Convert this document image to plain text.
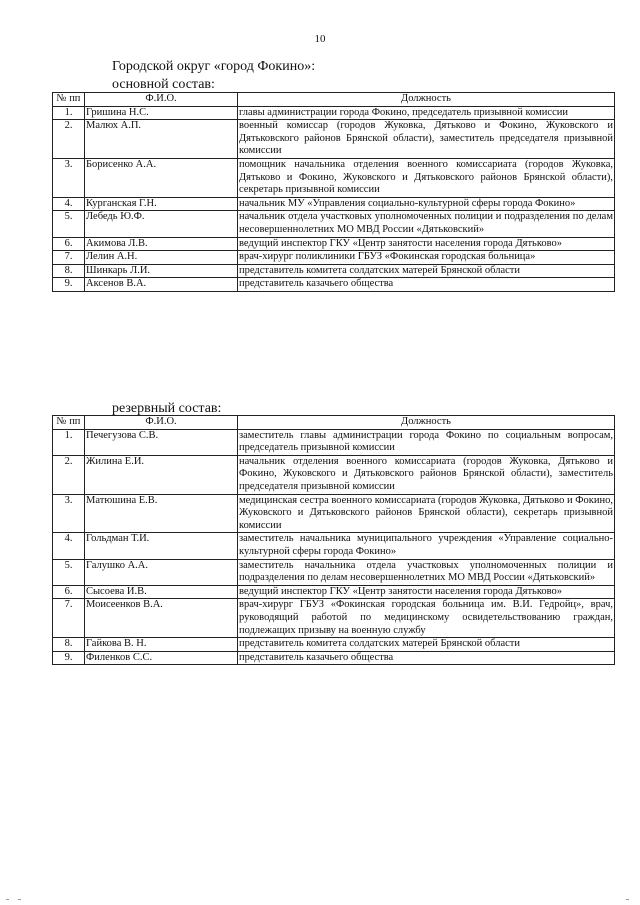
10
Городской округ «город Фокино»:
основной состав:
№ пп	Ф.И.О.	Должность
1.	Гришина Н.С.	главы администрации города Фокино, председатель призывной комиссии
2.	Малюх А.П.	военный комиссар (городов Жуковка, Дятьково и Фокино, Жуковского и Дятьковского районов Брянской области), заместитель председателя призывной комиссии
3.	Борисенко А.А.	помощник начальника отделения военного комиссариата (городов Жуковка, Дятьково и Фокино, Жуковского и Дятьковского районов Брянской области), секретарь призывной комиссии
4.	Курганская Г.Н.	начальник МУ «Управления социально-культурной сферы города Фокино»
5.	Лебедь Ю.Ф.	начальник отдела участковых уполномоченных полиции и подразделения по делам несовершеннолетних МО МВД России «Дятьковский»
6.	Акимова Л.В.	ведущий инспектор ГКУ «Центр занятости населения города Дятьково»
7.	Лелин А.Н.	врач-хирург поликлиники ГБУЗ «Фокинская городская больница»
8.	Шинкарь Л.И.	представитель комитета солдатских матерей Брянской области
9.	Аксенов В.А.	представитель казачьего общества
резервный состав:
№ пп	Ф.И.О.	Должность
1.	Печегузова С.В.	заместитель главы администрации города Фокино по социальным вопросам, председатель призывной комиссии
2.	Жилина Е.И.	начальник отделения военного комиссариата (городов Жуковка, Дятьково и Фокино, Жуковского и Дятьковского районов Брянской области), заместитель председателя призывной комиссии
3.	Матюшина Е.В.	медицинская сестра военного комиссариата (городов Жуковка, Дятьково и Фокино, Жуковского и Дятьковского районов Брянской области), секретарь призывной комиссии
4.	Гольдман Т.И.	заместитель начальника муниципального учреждения «Управление социально-культурной сферы города Фокино»
5.	Галушко А.А.	заместитель начальника отдела участковых уполномоченных полиции и подразделения по делам несовершеннолетних МО МВД России «Дятьковский»
6.	Сысоева И.В.	ведущий инспектор ГКУ «Центр занятости населения города Дятьково»
7.	Моисеенков В.А.	врач-хирург ГБУЗ «Фокинская городская больница им. В.И. Гедройц», врач, руководящий работой по медицинскому освидетельствованию граждан, подлежащих призыву на военную службу
8.	Гайкова В. Н.	представитель комитета солдатских матерей Брянской области
9.	Филенков С.С.	представитель казачьего общества
